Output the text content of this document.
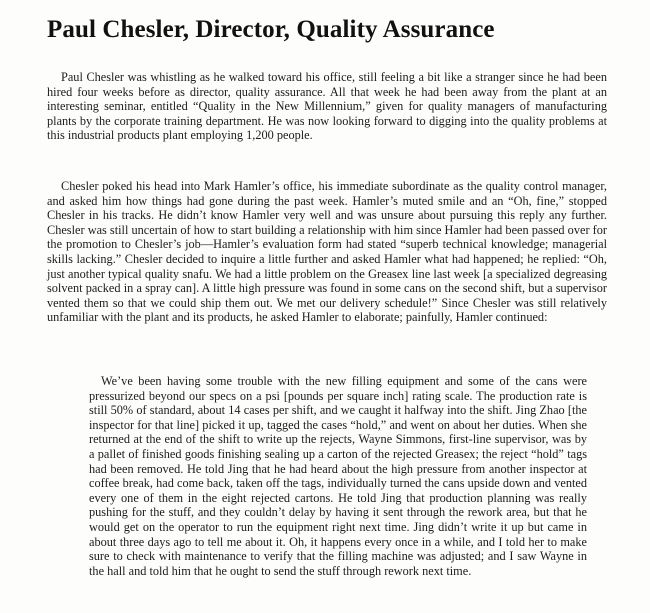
Paul Chesler, Director, Quality Assurance

Paul Chesler was whistling as he walked toward his office, still feeling a bit like a stranger since he had been hired four weeks before as director, quality assurance. All that week he had been away from the plant at an interesting seminar, entitled “Quality in the New Millennium,” given for quality managers of manufacturing plants by the corporate training department. He was now looking forward to digging into the quality problems at this industrial products plant employing 1,200 people.

Chesler poked his head into Mark Hamler’s office, his immediate subordinate as the quality control manager, and asked him how things had gone during the past week. Hamler’s muted smile and an “Oh, fine,” stopped Chesler in his tracks. He didn’t know Hamler very well and was unsure about pursuing this reply any further. Chesler was still uncertain of how to start building a relationship with him since Hamler had been passed over for the promotion to Chesler’s job—Hamler’s evaluation form had stated “superb technical knowledge; managerial skills lacking.” Chesler decided to inquire a little further and asked Hamler what had happened; he replied: “Oh, just another typical quality snafu. We had a little problem on the Greasex line last week [a specialized degreasing solvent packed in a spray can]. A little high pressure was found in some cans on the second shift, but a supervisor vented them so that we could ship them out. We met our delivery schedule!” Since Chesler was still relatively unfamiliar with the plant and its products, he asked Hamler to elaborate; painfully, Hamler continued:

We’ve been having some trouble with the new filling equipment and some of the cans were pressurized beyond our specs on a psi [pounds per square inch] rating scale. The production rate is still 50% of standard, about 14 cases per shift, and we caught it halfway into the shift. Jing Zhao [the inspector for that line] picked it up, tagged the cases “hold,” and went on about her duties. When she returned at the end of the shift to write up the rejects, Wayne Simmons, first-line supervisor, was by a pallet of finished goods finishing sealing up a carton of the rejected Greasex; the reject “hold” tags had been removed. He told Jing that he had heard about the high pressure from another inspector at coffee break, had come back, taken off the tags, individually turned the cans upside down and vented every one of them in the eight rejected cartons. He told Jing that production planning was really pushing for the stuff, and they couldn’t delay by having it sent through the rework area, but that he would get on the operator to run the equipment right next time. Jing didn’t write it up but came in about three days ago to tell me about it. Oh, it happens every once in a while, and I told her to make sure to check with maintenance to verify that the filling machine was adjusted; and I saw Wayne in the hall and told him that he ought to send the stuff through rework next time.
